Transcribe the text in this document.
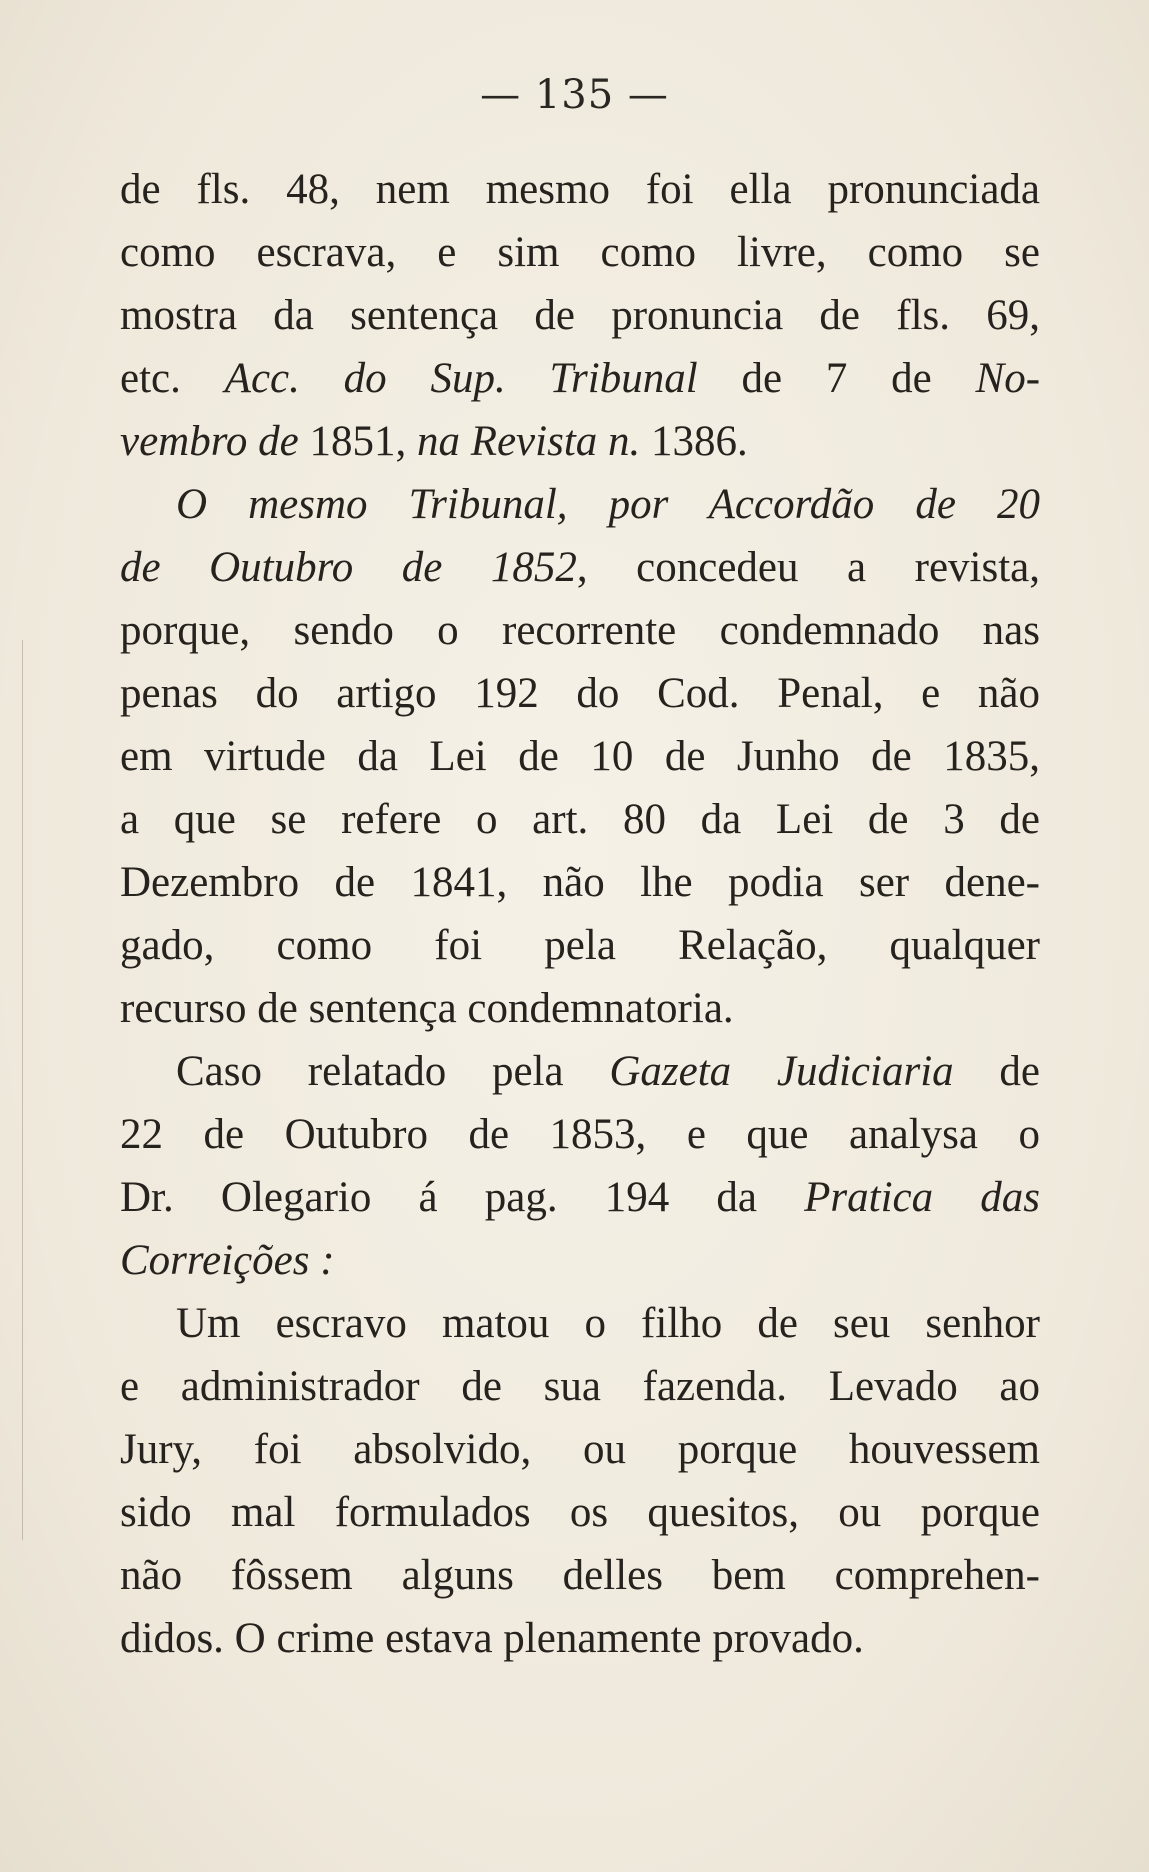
— 135 —
de fls. 48, nem mesmo foi ella pronunciada
como escrava, e sim como livre, como se
mostra da sentença de pronuncia de fls. 69,
etc. Acc. do Sup. Tribunal de 7 de No-
vembro de 1851, na Revista n. 1386.
O mesmo Tribunal, por Accordão de 20
de Outubro de 1852, concedeu a revista,
porque, sendo o recorrente condemnado nas
penas do artigo 192 do Cod. Penal, e não
em virtude da Lei de 10 de Junho de 1835,
a que se refere o art. 80 da Lei de 3 de
Dezembro de 1841, não lhe podia ser dene-
gado, como foi pela Relação, qualquer
recurso de sentença condemnatoria.
Caso relatado pela Gazeta Judiciaria de
22 de Outubro de 1853, e que analysa o
Dr. Olegario á pag. 194 da Pratica das
Correições :
Um escravo matou o filho de seu senhor
e administrador de sua fazenda. Levado ao
Jury, foi absolvido, ou porque houvessem
sido mal formulados os quesitos, ou porque
não fôssem alguns delles bem comprehen-
didos. O crime estava plenamente provado.
